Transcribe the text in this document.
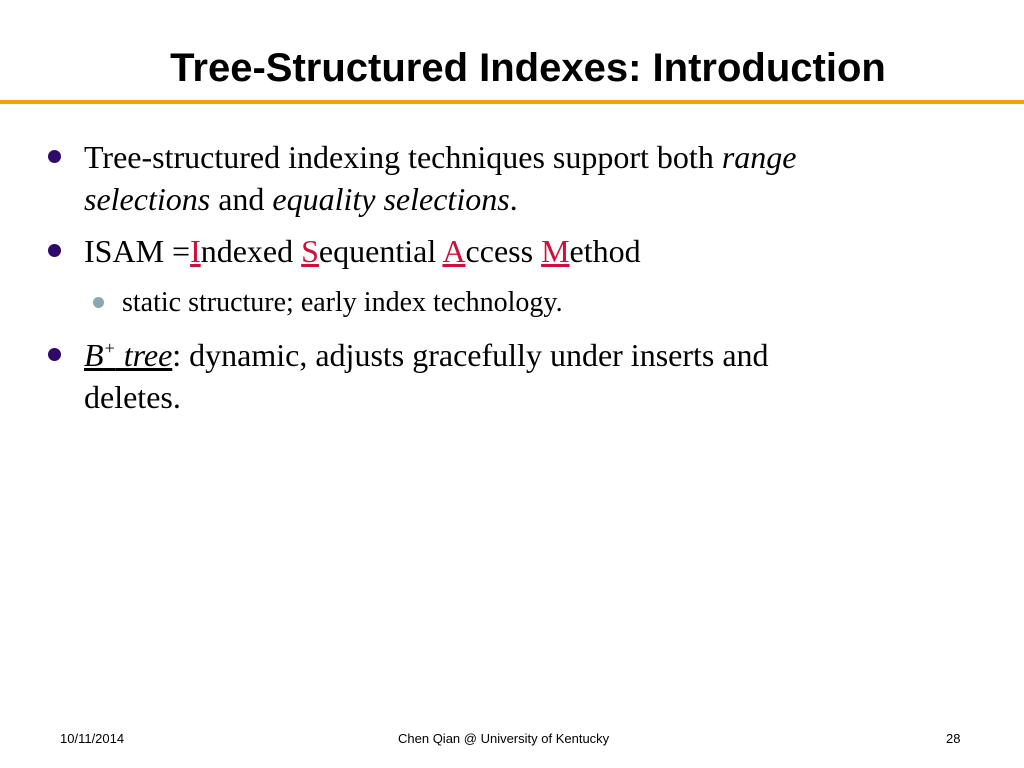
Tree-Structured Indexes: Introduction
Tree-structured indexing techniques support both range
selections and equality selections.
ISAM =Indexed Sequential Access Method
static structure; early index technology.
B+ tree: dynamic, adjusts gracefully under inserts and
deletes.
10/11/2014	Chen Qian @ University of Kentucky	28
